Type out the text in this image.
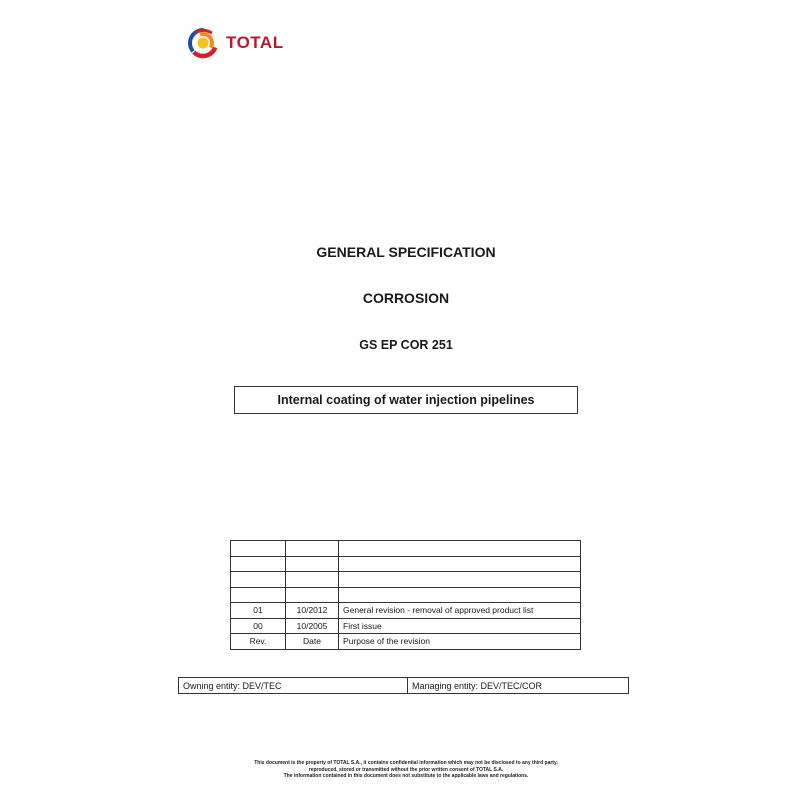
TOTAL
GENERAL SPECIFICATION
CORROSION
GS EP COR 251
Internal coating of water injection pipelines

01	10/2012	General revision - removal of approved product list
00	10/2005	First issue
Rev.	Date	Purpose of the revision
Owning entity: DEV/TEC	Managing entity: DEV/TEC/COR
This document is the property of TOTAL S.A., it contains confidential information which may not be disclosed to any third party,
reproduced, stored or transmitted without the prior written consent of TOTAL S.A.
The information contained in this document does not substitute to the applicable laws and regulations.
